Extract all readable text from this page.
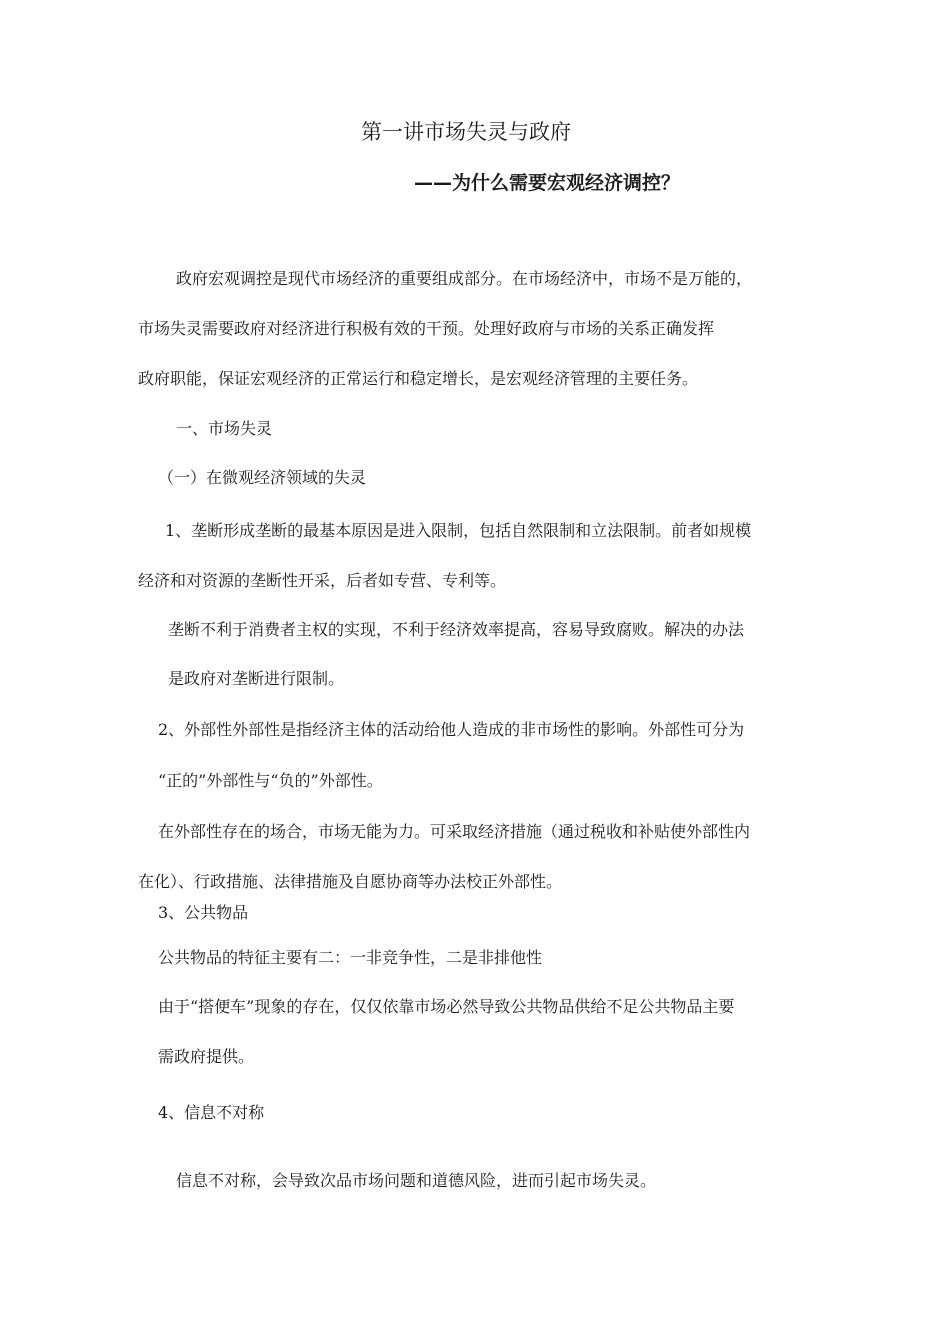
第一讲市场失灵与政府
——为什么需要宏观经济调控？
政府宏观调控是现代市场经济的重要组成部分。在市场经济中，市场不是万能的，
市场失灵需要政府对经济进行积极有效的干预。处理好政府与市场的关系正确发挥
政府职能，保证宏观经济的正常运行和稳定增长，是宏观经济管理的主要任务。
一、市场失灵
（一）在微观经济领域的失灵
1、垄断形成垄断的最基本原因是进入限制，包括自然限制和立法限制。前者如规模
经济和对资源的垄断性开采，后者如专营、专利等。
垄断不利于消费者主权的实现，不利于经济效率提高，容易导致腐败。解决的办法
是政府对垄断进行限制。
2、外部性外部性是指经济主体的活动给他人造成的非市场性的影响。外部性可分为
“正的”外部性与“负的”外部性。
在外部性存在的场合，市场无能为力。可采取经济措施（通过税收和补贴使外部性内
在化）、行政措施、法律措施及自愿协商等办法校正外部性。
3、公共物品
公共物品的特征主要有二：一非竞争性，二是非排他性
由于“搭便车”现象的存在，仅仅依靠市场必然导致公共物品供给不足公共物品主要
需政府提供。
4、信息不对称
信息不对称，会导致次品市场问题和道德风险，进而引起市场失灵。
